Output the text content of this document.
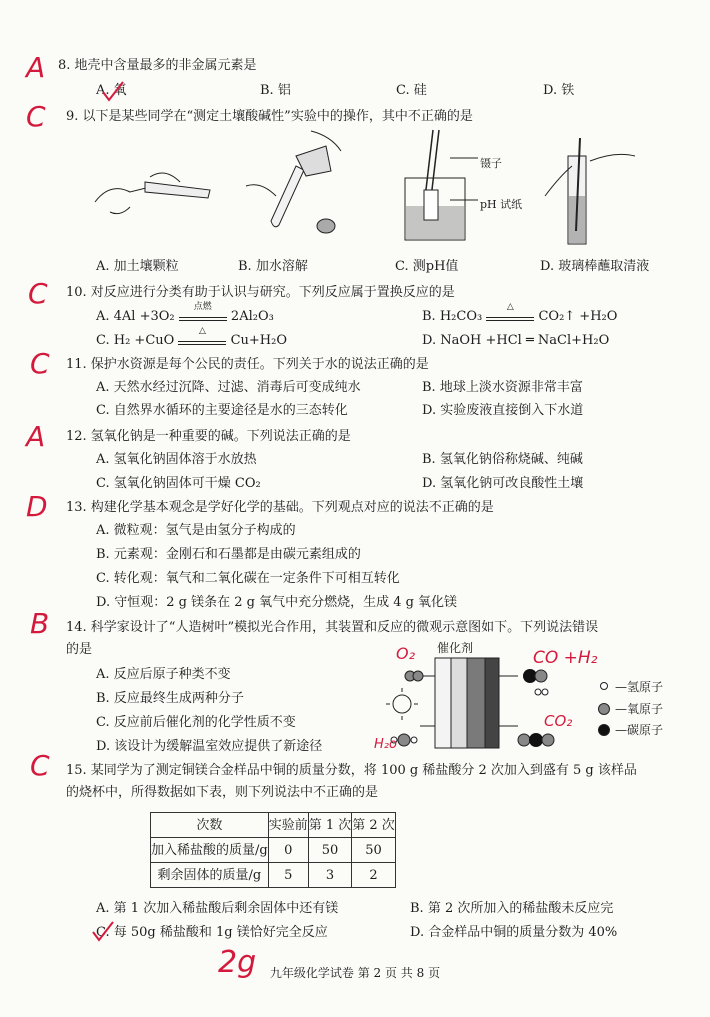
A
C
C
C
A
D
B
C
8. 地壳中含量最多的非金属元素是
A. 氧	B. 铝	C. 硅	D. 铁
9. 以下是某些同学在“测定土壤酸碱性”实验中的操作，其中不正确的是
镊子
pH 试纸
A. 加土壤颗粒	B. 加水溶解	C. 测pH值	D. 玻璃棒蘸取清液
10. 对反应进行分类有助于认识与研究。下列反应属于置换反应的是
A. 4Al +3O₂
点燃
2Al₂O₃	B. H₂CO₃
△
CO₂↑ +H₂O
C. H₂ +CuO
△
Cu+H₂O	D. NaOH +HCl ═ NaCl+H₂O
11. 保护水资源是每个公民的责任。下列关于水的说法正确的是
A. 天然水经过沉降、过滤、消毒后可变成纯水	B. 地球上淡水资源非常丰富
C. 自然界水循环的主要途径是水的三态转化	D. 实验废液直接倒入下水道
12. 氢氧化钠是一种重要的碱。下列说法正确的是
A. 氢氧化钠固体溶于水放热	B. 氢氧化钠俗称烧碱、纯碱
C. 氢氧化钠固体可干燥 CO₂	D. 氢氧化钠可改良酸性土壤
13. 构建化学基本观念是学好化学的基础。下列观点对应的说法不正确的是
A. 微粒观：氢气是由氢分子构成的
B. 元素观：金刚石和石墨都是由碳元素组成的
C. 转化观：氧气和二氧化碳在一定条件下可相互转化
D. 守恒观：2 g 镁条在 2 g 氧气中充分燃烧，生成 4 g 氧化镁
14. 科学家设计了“人造树叶”模拟光合作用，其装置和反应的微观示意图如下。下列说法错误
的是
A. 反应后原子种类不变
B. 反应最终生成两种分子
C. 反应前后催化剂的化学性质不变
D. 该设计为缓解温室效应提供了新途径
催化剂
O₂	CO +H₂
CO₂
H₂o
—氢原子
—氧原子
—碳原子
15. 某同学为了测定铜镁合金样品中铜的质量分数，将 100 g 稀盐酸分 2 次加入到盛有 5 g 该样品
的烧杯中，所得数据如下表，则下列说法中不正确的是
次数	实验前	第 1 次	第 2 次
加入稀盐酸的质量/g	0	50	50
剩余固体的质量/g	5	3	2
A. 第 1 次加入稀盐酸后剩余固体中还有镁	B. 第 2 次所加入的稀盐酸未反应完
C. 每 50g 稀盐酸和 1g 镁恰好完全反应	D. 合金样品中铜的质量分数为 40%
2g	九年级化学试卷 第 2 页 共 8 页
